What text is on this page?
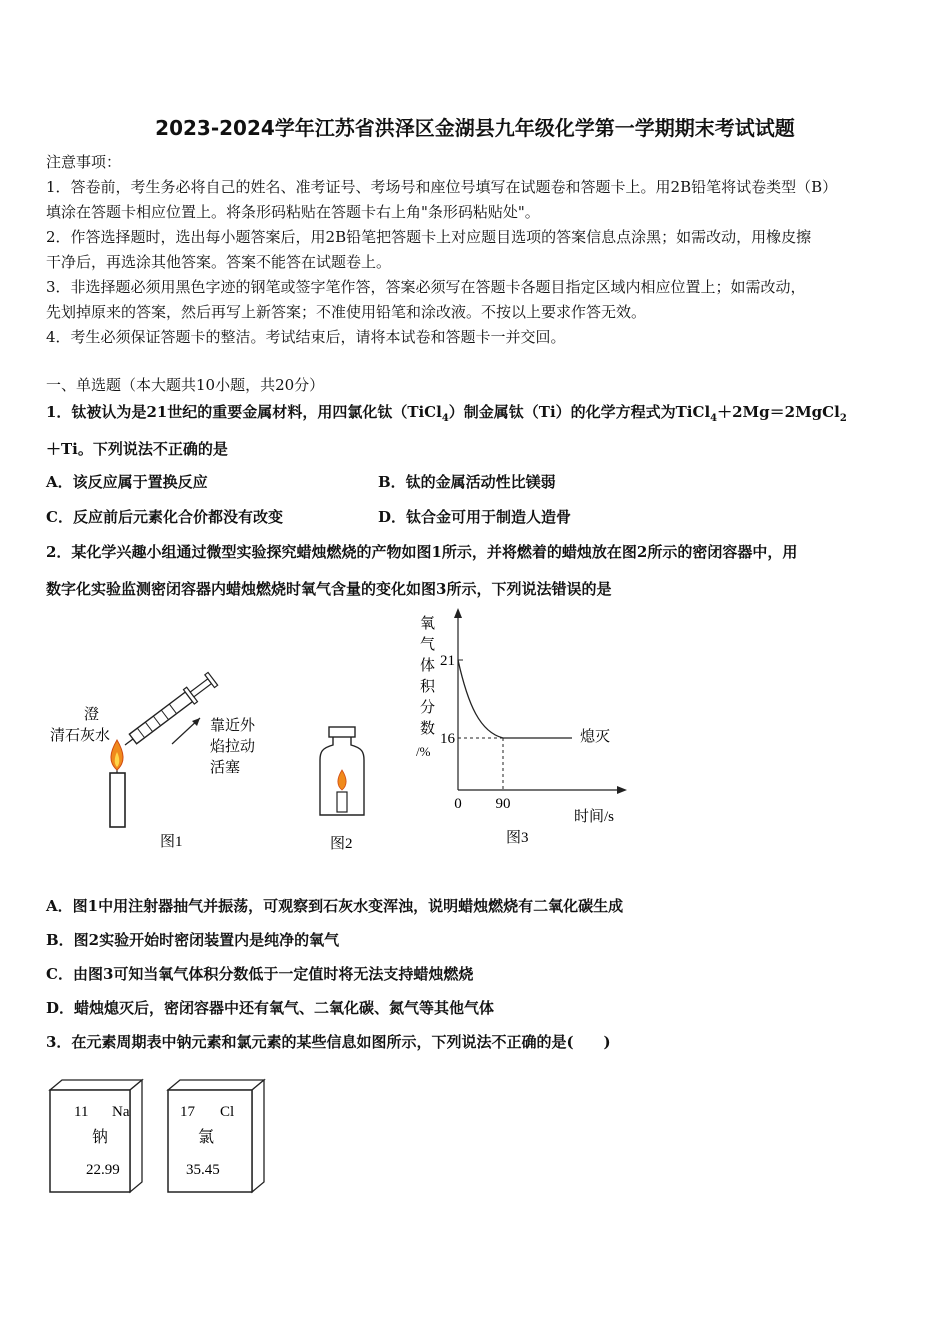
2023-2024学年江苏省洪泽区金湖县九年级化学第一学期期末考试试题
注意事项：
1．答卷前，考生务必将自己的姓名、准考证号、考场号和座位号填写在试题卷和答题卡上。用2B铅笔将试卷类型（B）
填涂在答题卡相应位置上。将条形码粘贴在答题卡右上角"条形码粘贴处"。
2．作答选择题时，选出每小题答案后，用2B铅笔把答题卡上对应题目选项的答案信息点涂黑；如需改动，用橡皮擦
干净后，再选涂其他答案。答案不能答在试题卷上。
3．非选择题必须用黑色字迹的钢笔或签字笔作答，答案必须写在答题卡各题目指定区域内相应位置上；如需改动，
先划掉原来的答案，然后再写上新答案；不准使用铅笔和涂改液。不按以上要求作答无效。
4．考生必须保证答题卡的整洁。考试结束后，请将本试卷和答题卡一并交回。
一、单选题（本大题共10小题，共20分）
1．钛被认为是21世纪的重要金属材料，用四氯化钛（TiCl$_4$）制金属钛（Ti）的化学方程式为TiCl$_4$＋2Mg＝2MgCl$_2$
＋Ti。下列说法不正确的是
A．该反应属于置换反应	B．钛的金属活动性比镁弱
C．反应前后元素化合价都没有改变	D．钛合金可用于制造人造骨
2．某化学兴趣小组通过微型实验探究蜡烛燃烧的产物如图1所示，并将燃着的蜡烛放在图2所示的密闭容器中，用
数字化实验监测密闭容器内蜡烛燃烧时氧气含量的变化如图3所示，下列说法错误的是
澄
清石灰水
靠近外
焰拉动
活塞
图1	图2
21
16
0 90
氧
气
体
积
分
数
/%
熄灭
时间/s
图3
A．图1中用注射器抽气并振荡，可观察到石灰水变浑浊，说明蜡烛燃烧有二氧化碳生成
B．图2实验开始时密闭装置内是纯净的氧气
C．由图3可知当氧气体积分数低于一定值时将无法支持蜡烛燃烧
D．蜡烛熄灭后，密闭容器中还有氧气、二氧化碳、氮气等其他气体
3．在元素周期表中钠元素和氯元素的某些信息如图所示，下列说法不正确的是(　　)
11 Na
钠
22.99
17 Cl
氯
35.45
